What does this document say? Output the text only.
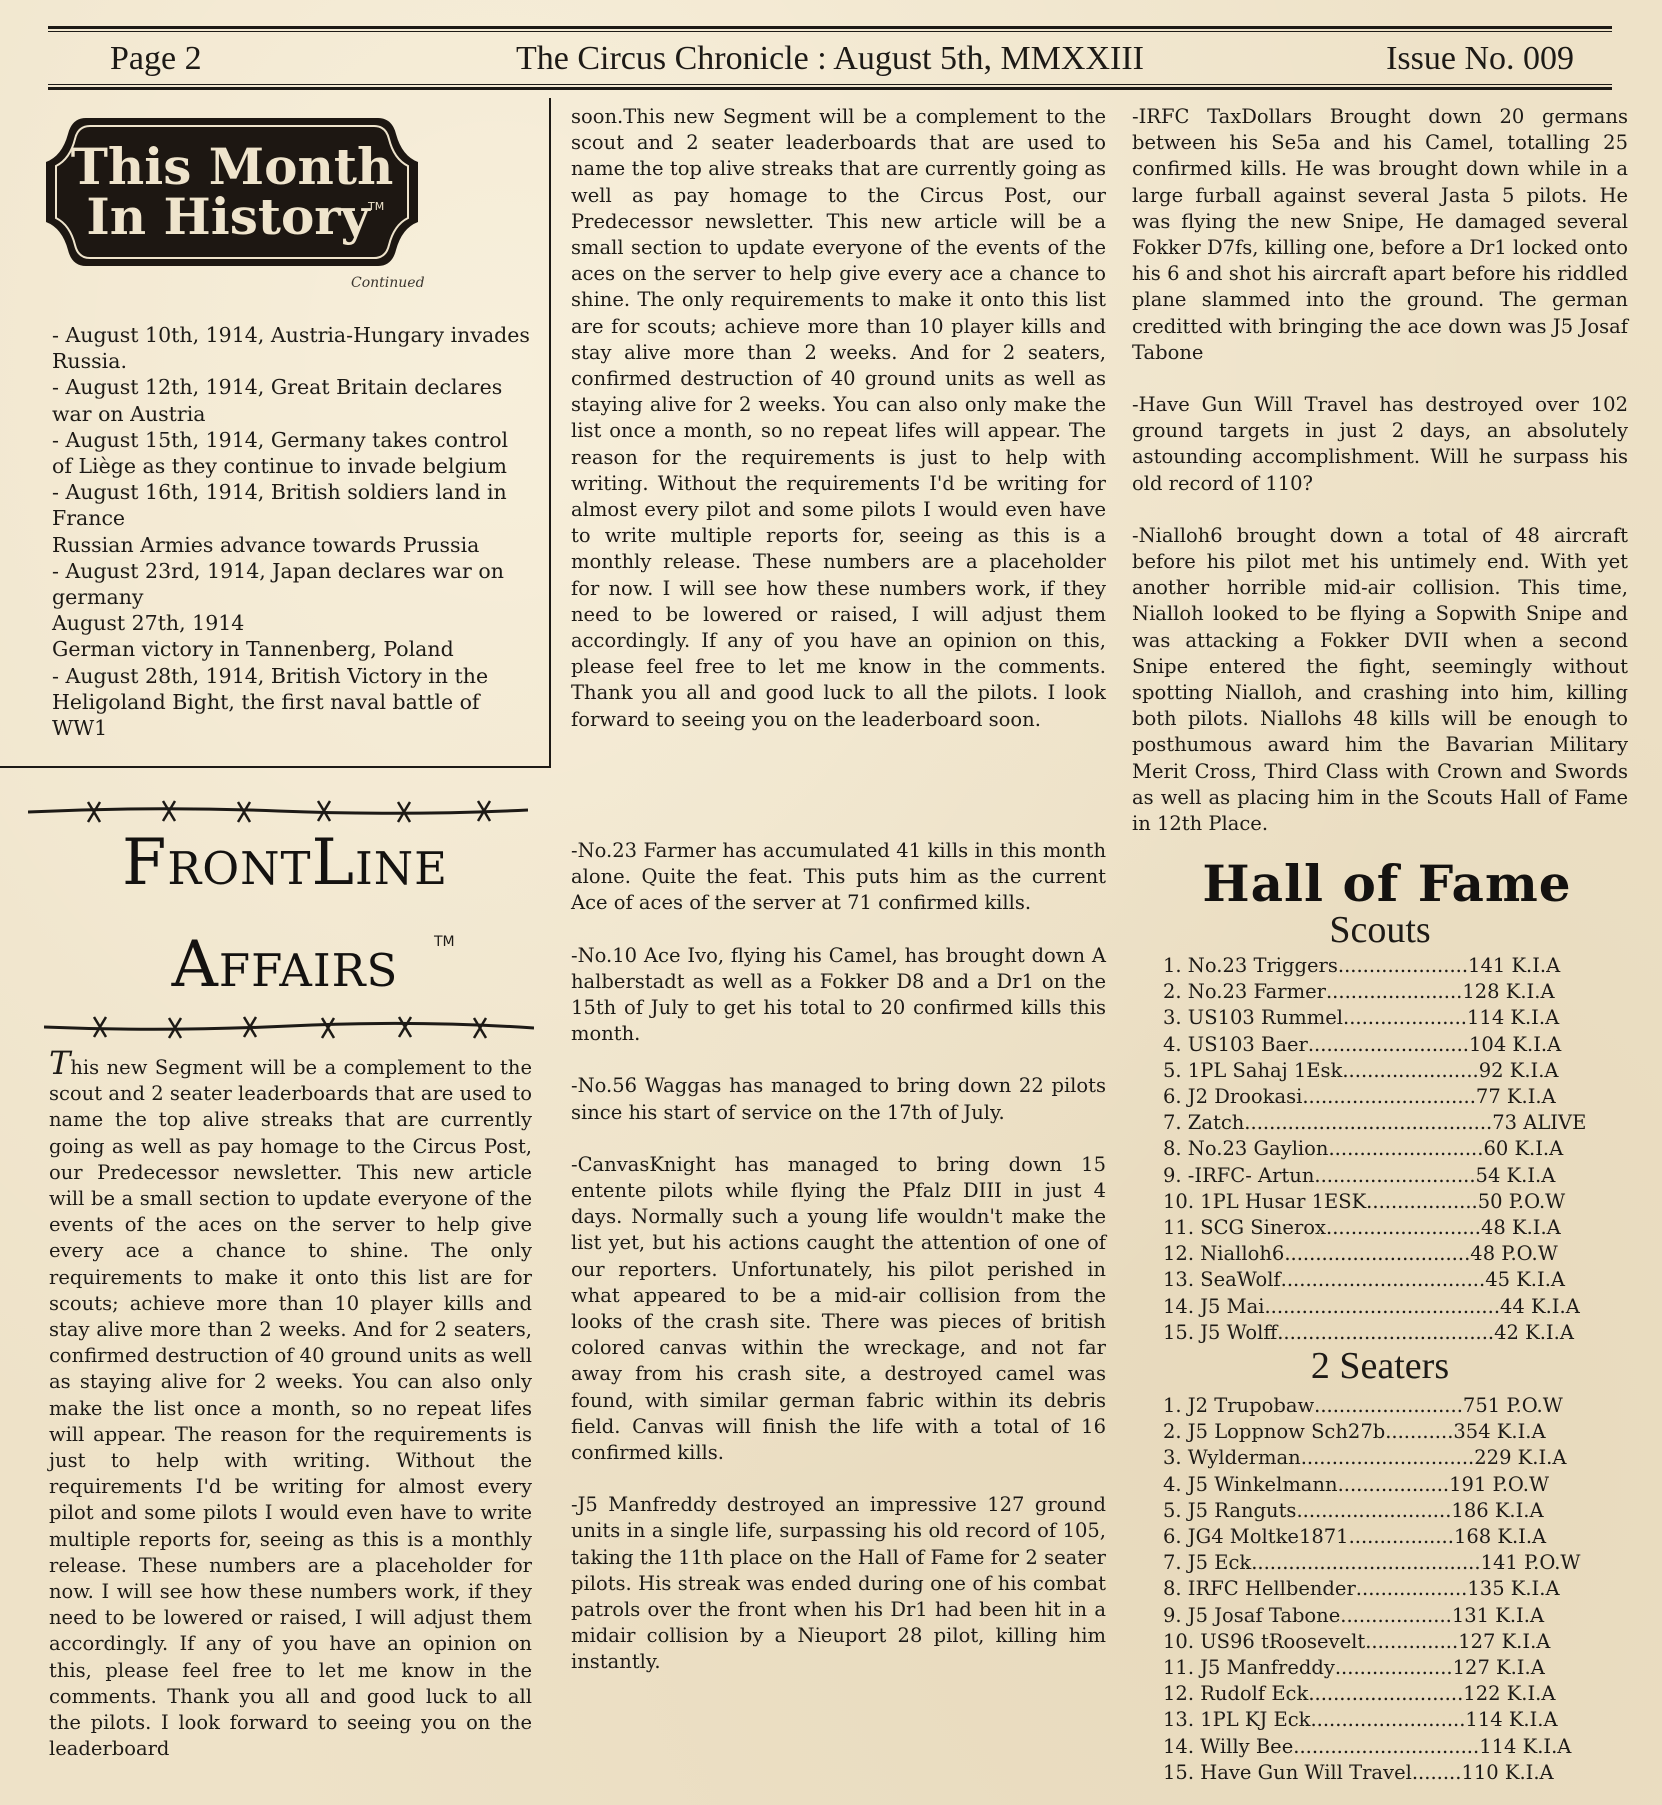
Page 2	The Circus Chronicle : August 5th, MMXXIII	Issue No. 009
This Month
In History
TM
Continued
- August 10th, 1914, Austria-Hungary invades Russia.
- August 12th, 1914, Great Britain declares war on Austria
- August 15th, 1914, Germany takes control of Liège as they continue to invade belgium
- August 16th, 1914, British soldiers land in France
Russian Armies advance towards Prussia
- August 23rd, 1914, Japan declares war on germany
August 27th, 1914
German victory in Tannenberg, Poland
- August 28th, 1914, British Victory in the Heligoland Bight, the first naval battle of WW1
FrontLine
Affairs	TM
This new Segment will be a complement to the scout and 2 seater leaderboards that are used to name the top alive streaks that are currently going as well as pay homage to the Circus Post, our Predecessor newsletter. This new article will be a small section to update everyone of the events of the aces on the server to help give every ace a chance to shine. The only requirements to make it onto this list are for scouts; achieve more than 10 player kills and stay alive more than 2 weeks. And for 2 seaters, confirmed destruction of 40 ground units as well as staying alive for 2 weeks. You can also only make the list once a month, so no repeat lifes will appear. The reason for the requirements is just to help with writing. Without the requirements I'd be writing for almost every pilot and some pilots I would even have to write multiple reports for, seeing as this is a monthly release. These numbers are a placeholder for now. I will see how these numbers work, if they need to be lowered or raised, I will adjust them accordingly. If any of you have an opinion on this, please feel free to let me know in the comments. Thank you all and good luck to all the pilots. I look forward to seeing you on the leaderboard
soon.This new Segment will be a complement to the scout and 2 seater leaderboards that are used to name the top alive streaks that are currently going as well as pay homage to the Circus Post, our Predecessor newsletter. This new article will be a small section to update everyone of the events of the aces on the server to help give every ace a chance to shine. The only requirements to make it onto this list are for scouts; achieve more than 10 player kills and stay alive more than 2 weeks. And for 2 seaters, confirmed destruction of 40 ground units as well as staying alive for 2 weeks. You can also only make the list once a month, so no repeat lifes will appear. The reason for the requirements is just to help with writing. Without the requirements I'd be writing for almost every pilot and some pilots I would even have to write multiple reports for, seeing as this is a monthly release. These numbers are a placeholder for now. I will see how these numbers work, if they need to be lowered or raised, I will adjust them accordingly. If any of you have an opinion on this, please feel free to let me know in the comments. Thank you all and good luck to all the pilots. I look forward to seeing you on the leaderboard soon.

-No.23 Farmer has accumulated 41 kills in this month alone. Quite the feat. This puts him as the current Ace of aces of the server at 71 confirmed kills.

-No.10 Ace Ivo, flying his Camel, has brought down A halberstadt as well as a Fokker D8 and a Dr1 on the 15th of July to get his total to 20 confirmed kills this month.

-No.56 Waggas has managed to bring down 22 pilots since his start of service on the 17th of July.

-CanvasKnight has managed to bring down 15 entente pilots while flying the Pfalz DIII in just 4 days. Normally such a young life wouldn't make the list yet, but his actions caught the attention of one of our reporters. Unfortunately, his pilot perished in what appeared to be a mid-air collision from the looks of the crash site. There was pieces of british colored canvas within the wreckage, and not far away from his crash site, a destroyed camel was found, with similar german fabric within its debris field. Canvas will finish the life with a total of 16 confirmed kills.

-J5 Manfreddy destroyed an impressive 127 ground units in a single life, surpassing his old record of 105, taking the 11th place on the Hall of Fame for 2 seater pilots. His streak was ended during one of his combat patrols over the front when his Dr1 had been hit in a midair collision by a Nieuport 28 pilot, killing him instantly.

-IRFC TaxDollars Brought down 20 germans between his Se5a and his Camel, totalling 25 confirmed kills. He was brought down while in a large furball against several Jasta 5 pilots. He was flying the new Snipe, He damaged several Fokker D7fs, killing one, before a Dr1 locked onto his 6 and shot his aircraft apart before his riddled plane slammed into the ground. The german creditted with bringing the ace down was J5 Josaf Tabone

-Have Gun Will Travel has destroyed over 102 ground targets in just 2 days, an absolutely astounding accomplishment. Will he surpass his old record of 110?

-Nialloh6 brought down a total of 48 aircraft before his pilot met his untimely end. With yet another horrible mid-air collision. This time, Nialloh looked to be flying a Sopwith Snipe and was attacking a Fokker DVII when a second Snipe entered the fight, seemingly without spotting Nialloh, and crashing into him, killing both pilots. Niallohs 48 kills will be enough to posthumous award him the Bavarian Military Merit Cross, Third Class with Crown and Swords as well as placing him in the Scouts Hall of Fame in 12th Place.

Hall of Fame
Scouts
1. No.23 Triggers ..................... 141 K.I.A
2. No.23 Farmer ...................... 128 K.I.A
3. US103 Rummel .................... 114 K.I.A
4. US103 Baer .......................... 104 K.I.A
5. 1PL Sahaj 1Esk ...................... 92 K.I.A
6. J2 Drookasi ............................ 77 K.I.A
7. Zatch ........................................ 73 ALIVE
8. No.23 Gaylion ......................... 60 K.I.A
9. -IRFC- Artun .......................... 54 K.I.A
10. 1PL Husar 1ESK .................. 50 P.O.W
11. SCG Sinerox ......................... 48 K.I.A
12. Nialloh6 .............................. 48 P.O.W
13. SeaWolf ................................. 45 K.I.A
14. J5 Mai ...................................... 44 K.I.A
15. J5 Wolff ................................... 42 K.I.A
2 Seaters
1. J2 Trupobaw ........................ 751 P.O.W
2. J5 Loppnow Sch27b ........... 354 K.I.A
3. Wylderman ............................ 229 K.I.A
4. J5 Winkelmann .................. 191 P.O.W
5. J5 Ranguts ......................... 186 K.I.A
6. JG4 Moltke1871 ................. 168 K.I.A
7. J5 Eck ..................................... 141 P.O.W
8. IRFC Hellbender .................. 135 K.I.A
9. J5 Josaf Tabone .................. 131 K.I.A
10. US96 tRoosevelt ............... 127 K.I.A
11. J5 Manfreddy ................... 127 K.I.A
12. Rudolf Eck ......................... 122 K.I.A
13. 1PL KJ Eck ......................... 114 K.I.A
14. Willy Bee .............................. 114 K.I.A
15. Have Gun Will Travel ........ 110 K.I.A
